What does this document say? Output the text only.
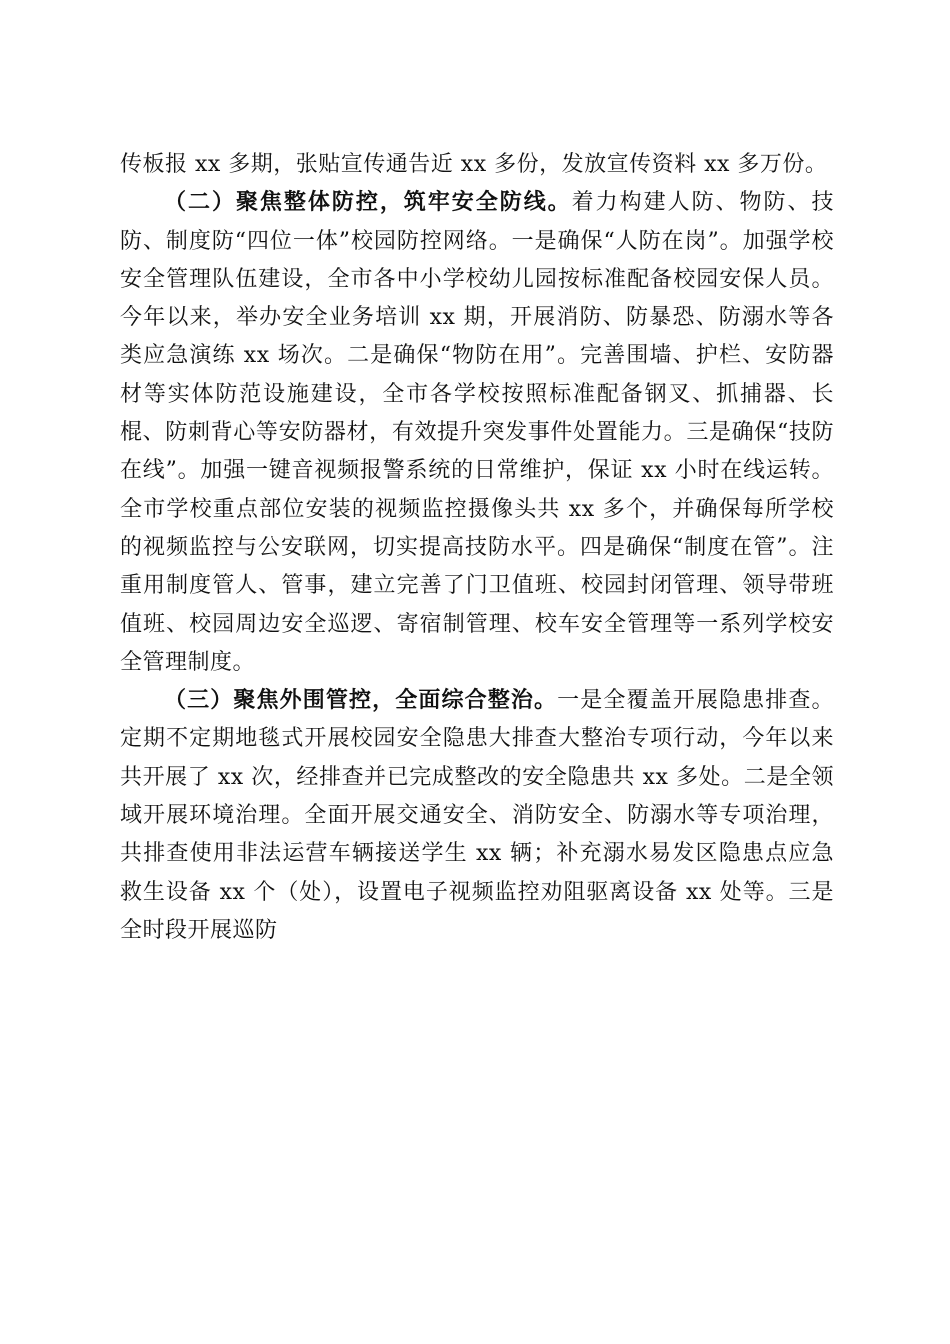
传板报 xx 多期，张贴宣传通告近 xx 多份，发放宣传资料 xx 多万份。

（二）聚焦整体防控，筑牢安全防线。着力构建人防、物防、技防、制度防“四位一体”校园防控网络。一是确保“人防在岗”。加强学校安全管理队伍建设，全市各中小学校幼儿园按标准配备校园安保人员。今年以来，举办安全业务培训 xx 期，开展消防、防暴恐、防溺水等各类应急演练 xx 场次。二是确保“物防在用”。完善围墙、护栏、安防器材等实体防范设施建设，全市各学校按照标准配备钢叉、抓捕器、长棍、防刺背心等安防器材，有效提升突发事件处置能力。三是确保“技防在线”。加强一键音视频报警系统的日常维护，保证 xx 小时在线运转。全市学校重点部位安装的视频监控摄像头共 xx 多个，并确保每所学校的视频监控与公安联网，切实提高技防水平。四是确保“制度在管”。注重用制度管人、管事，建立完善了门卫值班、校园封闭管理、领导带班值班、校园周边安全巡逻、寄宿制管理、校车安全管理等一系列学校安全管理制度。

（三）聚焦外围管控，全面综合整治。一是全覆盖开展隐患排查。定期不定期地毯式开展校园安全隐患大排查大整治专项行动，今年以来共开展了 xx 次，经排查并已完成整改的安全隐患共 xx 多处。二是全领域开展环境治理。全面开展交通安全、消防安全、防溺水等专项治理，共排查使用非法运营车辆接送学生 xx 辆；补充溺水易发区隐患点应急救生设备 xx 个（处），设置电子视频监控劝阻驱离设备 xx 处等。三是全时段开展巡防
